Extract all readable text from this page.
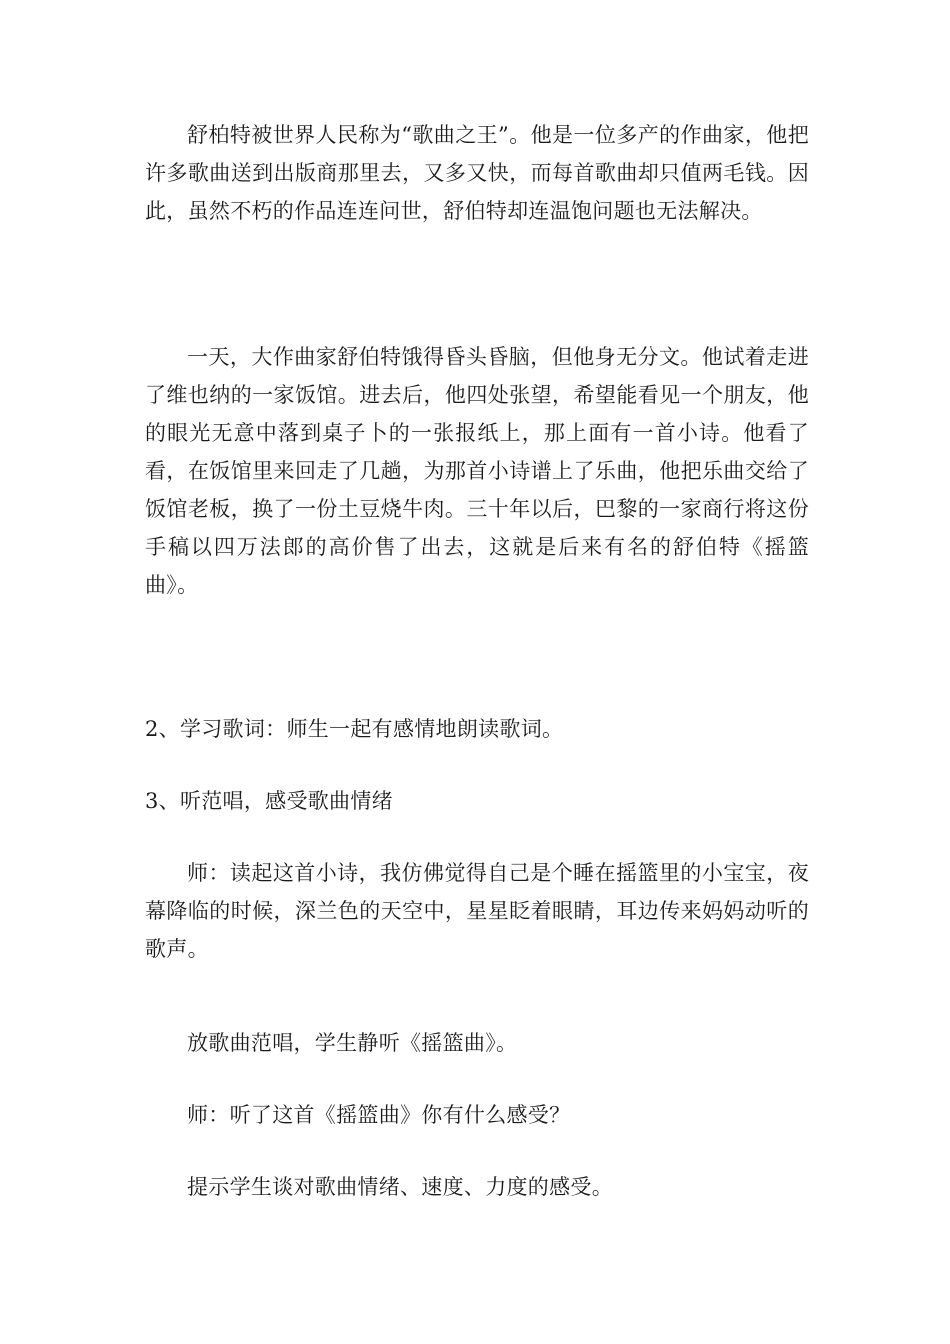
舒柏特被世界人民称为“歌曲之王”。他是一位多产的作曲家，他把许多歌曲送到出版商那里去，又多又快，而每首歌曲却只值两毛钱。因此，虽然不朽的作品连连问世，舒伯特却连温饱问题也无法解决。

一天，大作曲家舒伯特饿得昏头昏脑，但他身无分文。他试着走进了维也纳的一家饭馆。进去后，他四处张望，希望能看见一个朋友，他的眼光无意中落到桌子卜的一张报纸上，那上面有一首小诗。他看了看，在饭馆里来回走了几趟，为那首小诗谱上了乐曲，他把乐曲交给了饭馆老板，换了一份土豆烧牛肉。三十年以后，巴黎的一家商行将这份手稿以四万法郎的高价售了出去，这就是后来有名的舒伯特《摇篮曲》。

2、学习歌词：师生一起有感情地朗读歌词。

3、听范唱，感受歌曲情绪

师：读起这首小诗，我仿佛觉得自己是个睡在摇篮里的小宝宝，夜幕降临的时候，深兰色的天空中，星星眨着眼睛，耳边传来妈妈动听的歌声。

放歌曲范唱，学生静听《摇篮曲》。

师：听了这首《摇篮曲》你有什么感受？

提示学生谈对歌曲情绪、速度、力度的感受。
